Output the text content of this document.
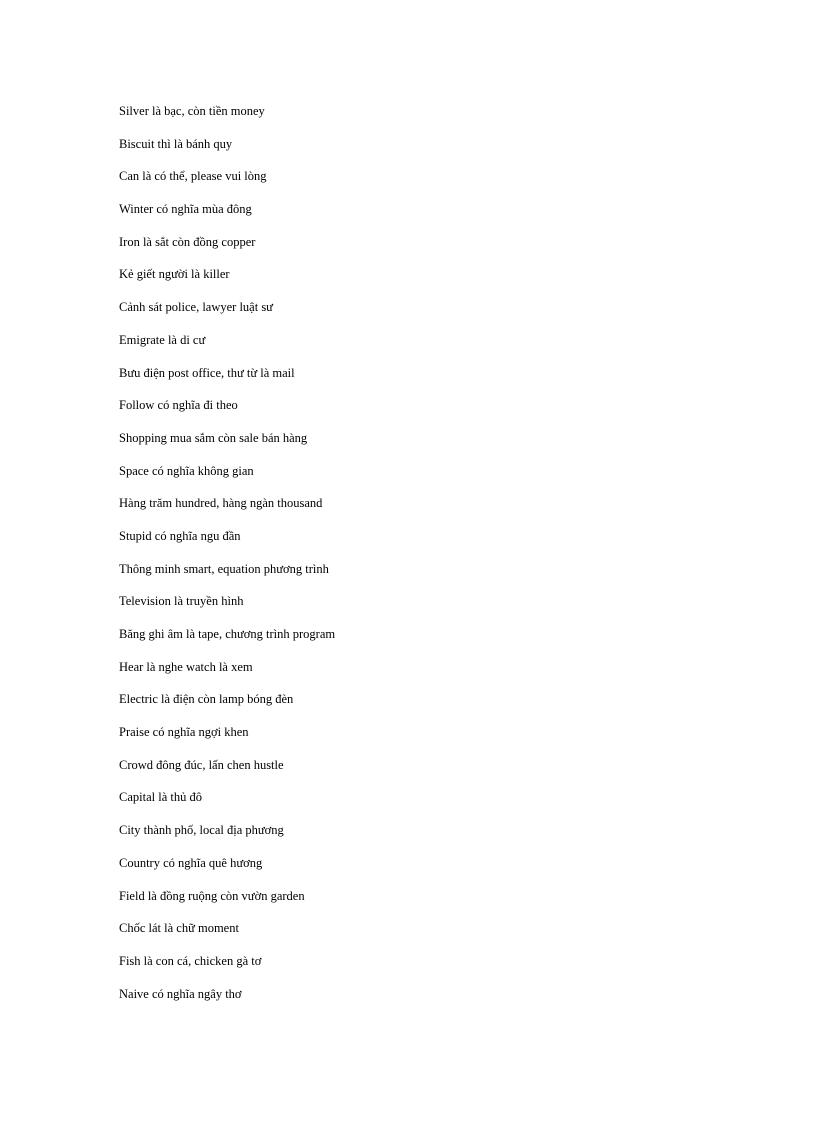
Silver là bạc, còn tiền money
Biscuit thì là bánh quy
Can là có thể, please vui lòng
Winter có nghĩa mùa đông
Iron là sắt còn đồng copper
Kẻ giết người là killer
Cảnh sát police, lawyer luật sư
Emigrate là di cư
Bưu điện post office, thư từ là mail
Follow có nghĩa đi theo
Shopping mua sắm còn sale bán hàng
Space có nghĩa không gian
Hàng trăm hundred, hàng ngàn thousand
Stupid có nghĩa ngu đần
Thông minh smart, equation phương trình
Television là truyền hình
Băng ghi âm là tape, chương trình program
Hear là nghe watch là xem
Electric là điện còn lamp bóng đèn
Praise có nghĩa ngợi khen
Crowd đông đúc, lấn chen hustle
Capital là thủ đô
City thành phố, local địa phương
Country có nghĩa quê hương
Field là đồng ruộng còn vườn garden
Chốc lát là chữ moment
Fish là con cá, chicken gà tơ
Naive có nghĩa ngây thơ
